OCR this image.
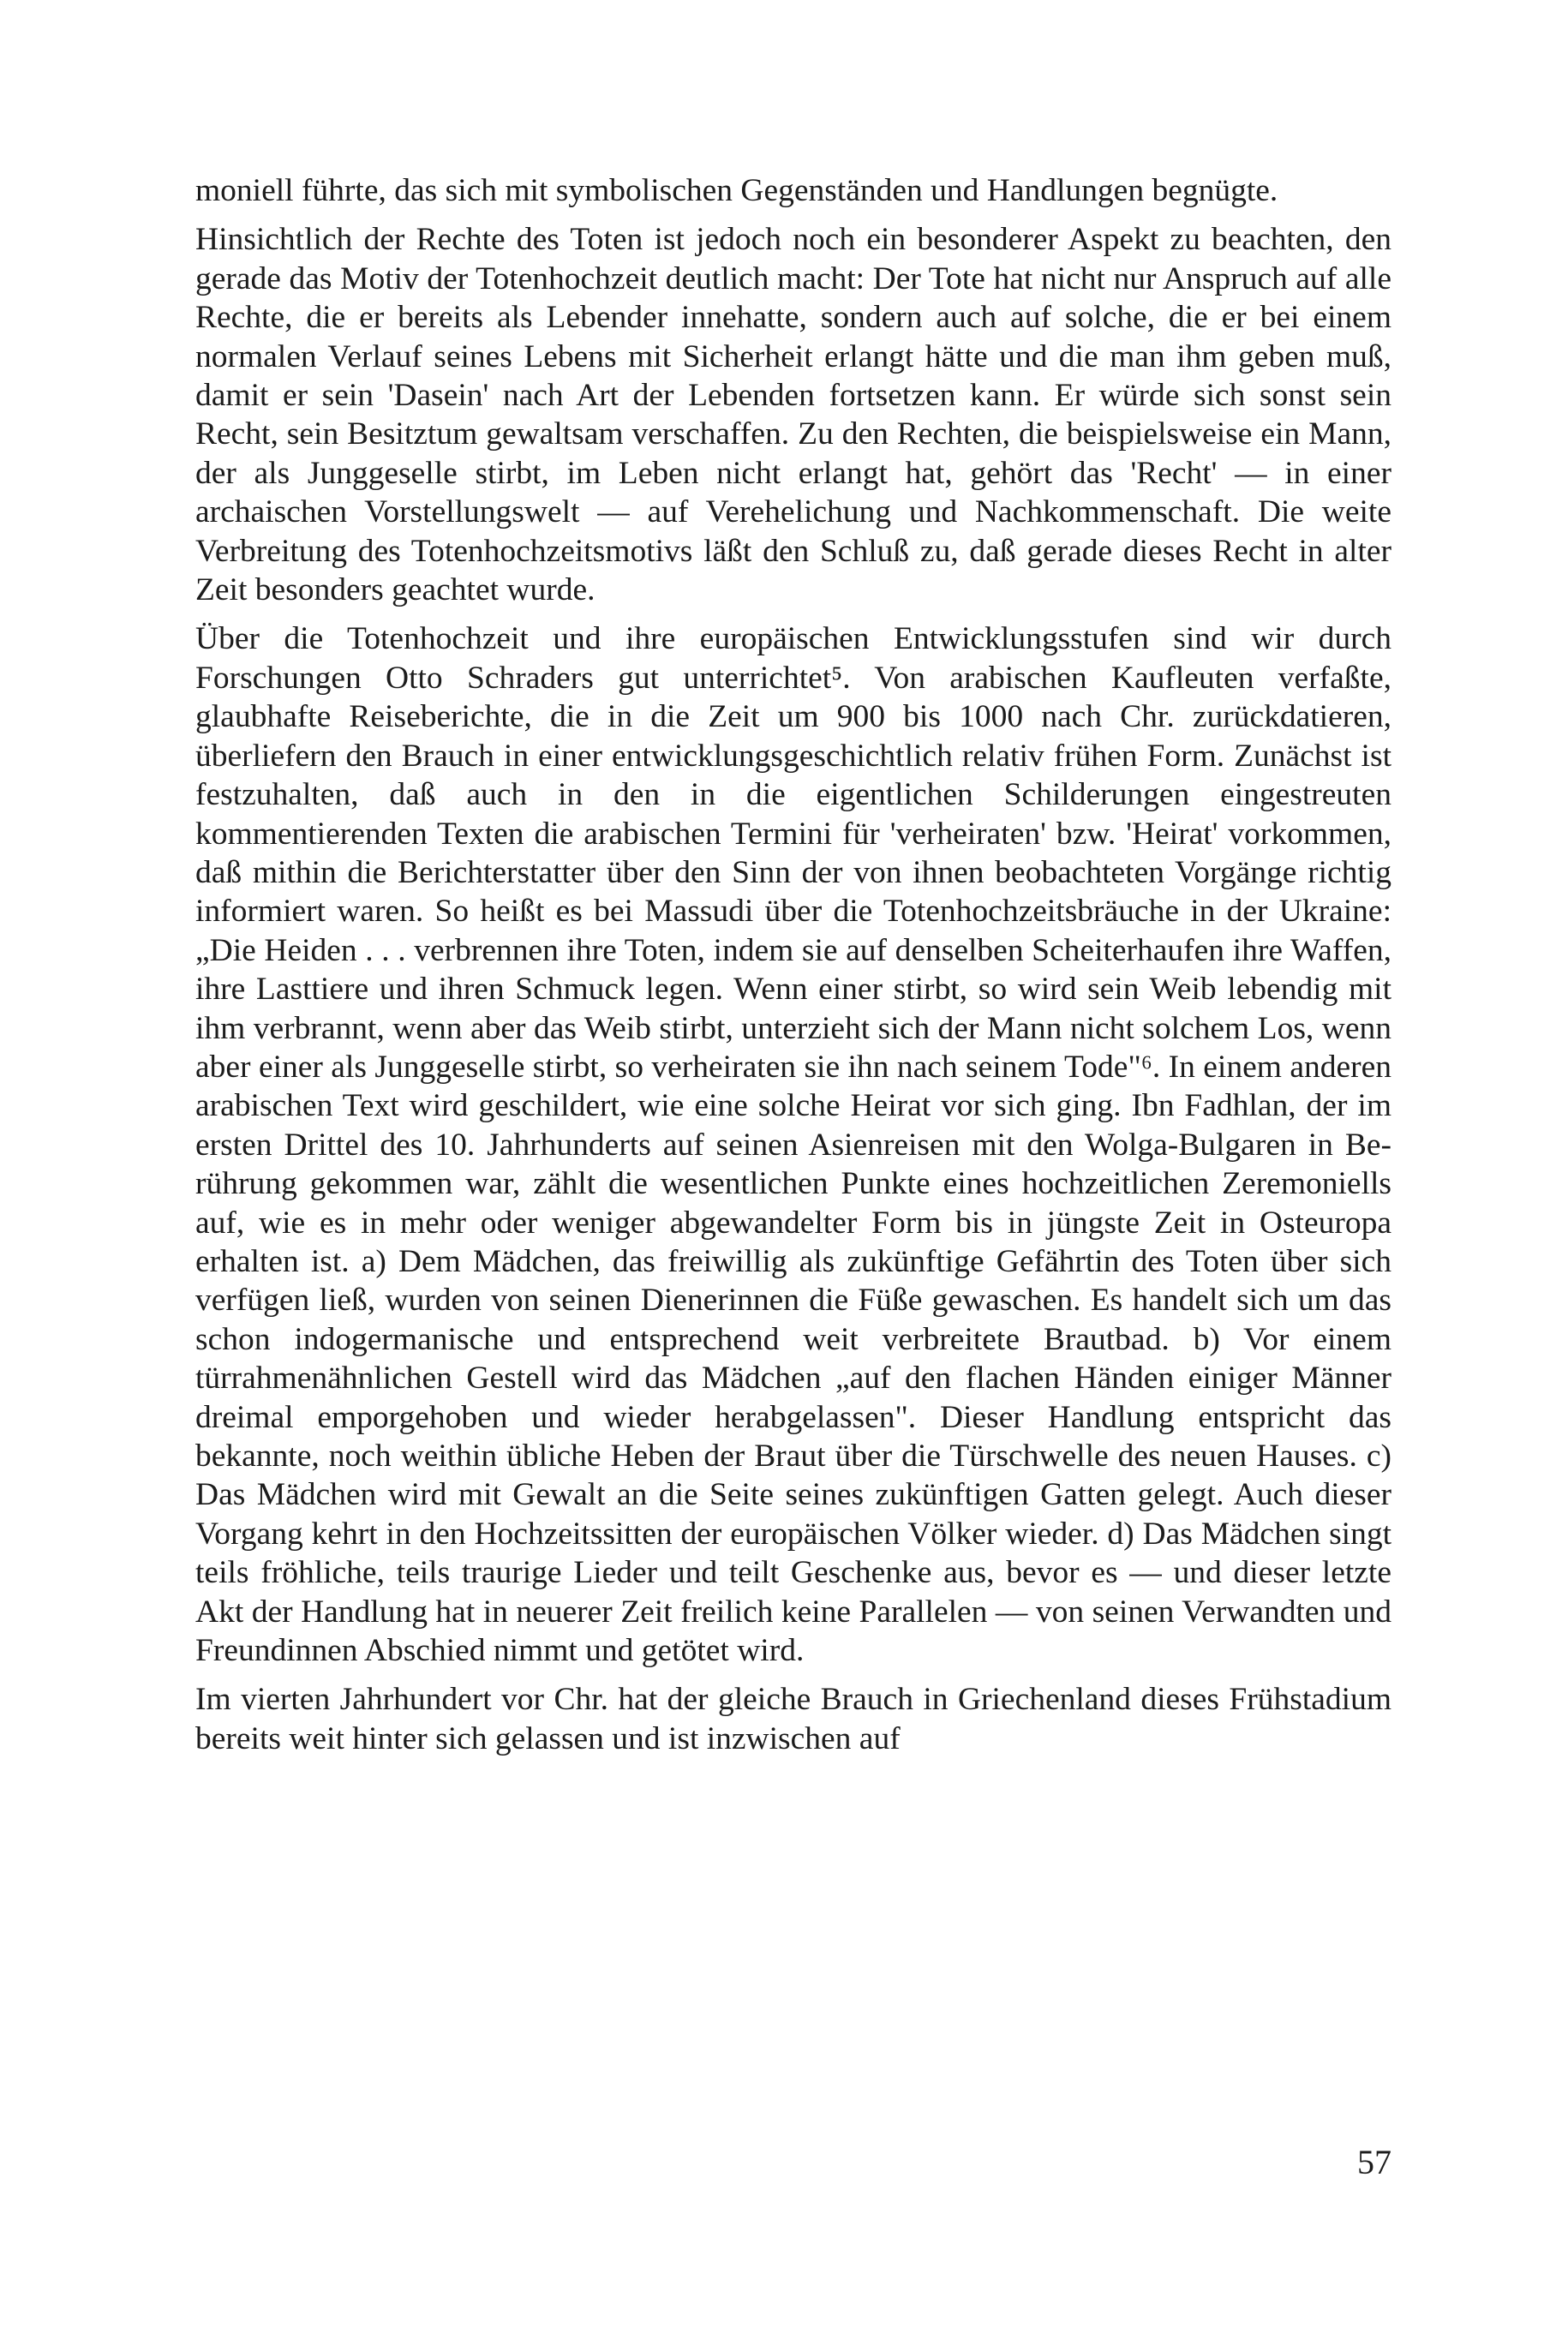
moniell führte, das sich mit symbolischen Gegenständen und Handlungen begnügte.

Hinsichtlich der Rechte des Toten ist jedoch noch ein besonderer Aspekt zu beachten, den gerade das Motiv der Totenhochzeit deutlich macht: Der Tote hat nicht nur Anspruch auf alle Rechte, die er bereits als Lebender innehatte, sondern auch auf solche, die er bei einem normalen Verlauf seines Lebens mit Sicherheit erlangt hätte und die man ihm geben muß, damit er sein 'Dasein' nach Art der Lebenden fortsetzen kann. Er würde sich sonst sein Recht, sein Besitztum gewaltsam verschaffen. Zu den Rechten, die beispielsweise ein Mann, der als Junggeselle stirbt, im Leben nicht erlangt hat, gehört das 'Recht' — in einer archaischen Vorstellungswelt — auf Verehelichung und Nachkommenschaft. Die weite Verbreitung des Totenhochzeitsmotivs läßt den Schluß zu, daß gerade dieses Recht in alter Zeit besonders geachtet wurde.

Über die Totenhochzeit und ihre europäischen Entwicklungsstufen sind wir durch Forschungen Otto Schraders gut unterrichtet⁵. Von arabischen Kaufleuten verfaßte, glaubhafte Reiseberichte, die in die Zeit um 900 bis 1000 nach Chr. zurückdatieren, überliefern den Brauch in einer entwicklungsgeschichtlich relativ frühen Form. Zunächst ist festzuhalten, daß auch in den in die eigentlichen Schilderungen eingestreuten kommentierenden Texten die arabischen Termini für 'verheiraten' bzw. 'Heirat' vorkommen, daß mithin die Berichterstatter über den Sinn der von ihnen beobachteten Vorgänge richtig informiert waren. So heißt es bei Massudi über die Totenhochzeitsbräuche in der Ukraine: „Die Heiden . . . verbrennen ihre Toten, indem sie auf denselben Scheiterhaufen ihre Waffen, ihre Lasttiere und ihren Schmuck legen. Wenn einer stirbt, so wird sein Weib lebendig mit ihm verbrannt, wenn aber das Weib stirbt, unterzieht sich der Mann nicht solchem Los, wenn aber einer als Junggeselle stirbt, so verheiraten sie ihn nach seinem Tode"⁶. In einem anderen arabischen Text wird geschildert, wie eine solche Heirat vor sich ging. Ibn Fadhlan, der im ersten Drittel des 10. Jahrhunderts auf seinen Asienreisen mit den Wolga-Bulgaren in Berührung gekommen war, zählt die wesentlichen Punkte eines hochzeitlichen Zeremoniells auf, wie es in mehr oder weniger abgewandelter Form bis in jüngste Zeit in Osteuropa erhalten ist. a) Dem Mädchen, das freiwillig als zukünftige Gefährtin des Toten über sich verfügen ließ, wurden von seinen Dienerinnen die Füße gewaschen. Es handelt sich um das schon indogermanische und entsprechend weit verbreitete Brautbad. b) Vor einem türrahmenähnlichen Gestell wird das Mädchen „auf den flachen Händen einiger Männer dreimal emporgehoben und wieder herabgelassen". Dieser Handlung entspricht das bekannte, noch weithin übliche Heben der Braut über die Türschwelle des neuen Hauses. c) Das Mädchen wird mit Gewalt an die Seite seines zukünftigen Gatten gelegt. Auch dieser Vorgang kehrt in den Hochzeitssitten der europäischen Völker wieder. d) Das Mädchen singt teils fröhliche, teils traurige Lieder und teilt Geschenke aus, bevor es — und dieser letzte Akt der Handlung hat in neuerer Zeit freilich keine Parallelen — von seinen Verwandten und Freundinnen Abschied nimmt und getötet wird.

Im vierten Jahrhundert vor Chr. hat der gleiche Brauch in Griechenland dieses Frühstadium bereits weit hinter sich gelassen und ist inzwischen auf

57
